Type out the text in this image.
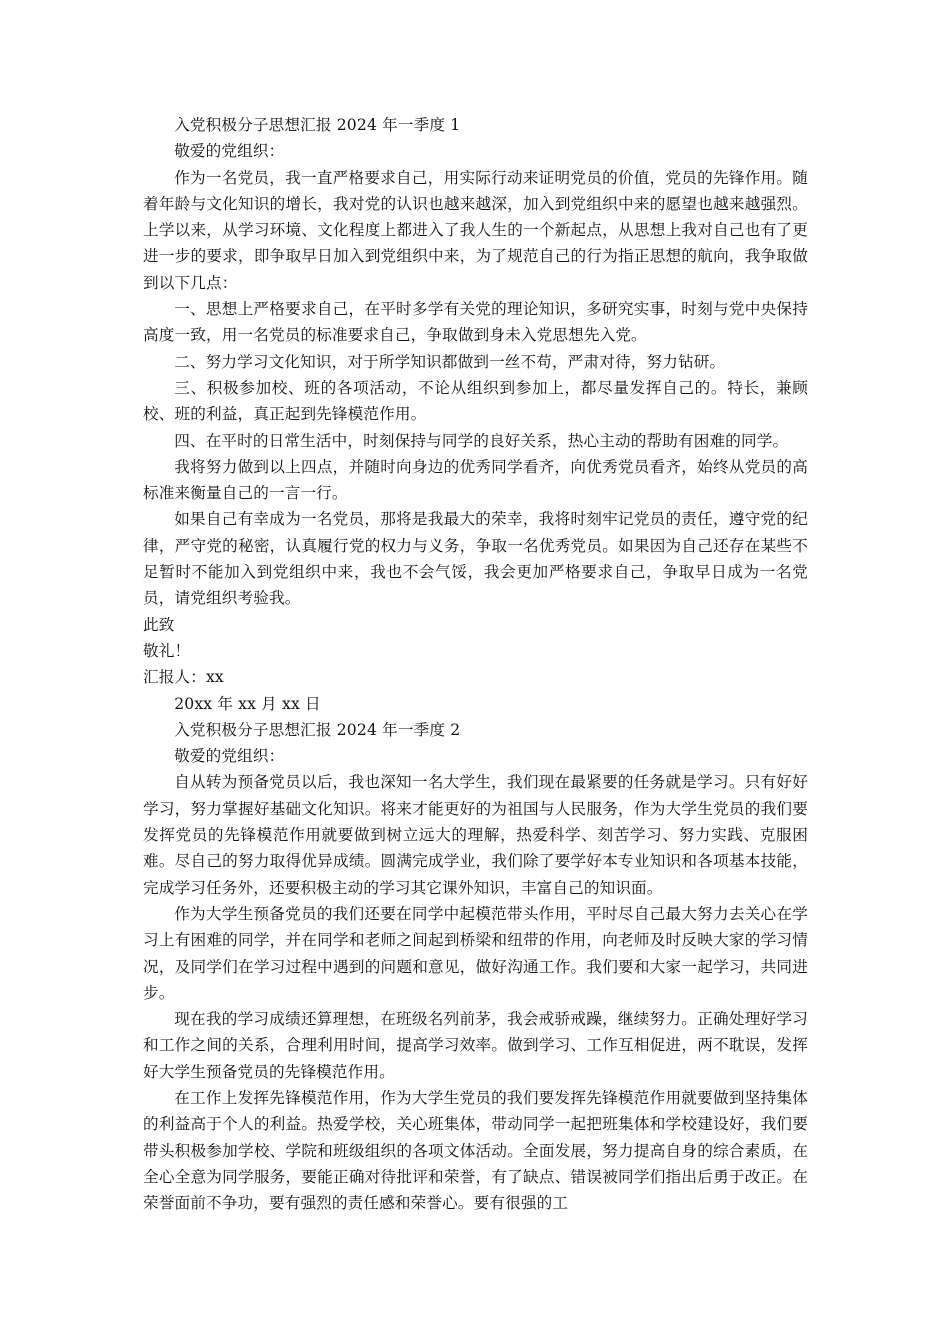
入党积极分子思想汇报 2024 年一季度 1

敬爱的党组织：

作为一名党员，我一直严格要求自己，用实际行动来证明党员的价值，党员的先锋作用。随着年龄与文化知识的增长，我对党的认识也越来越深，加入到党组织中来的愿望也越来越强烈。上学以来，从学习环境、文化程度上都进入了我人生的一个新起点，从思想上我对自己也有了更进一步的要求，即争取早日加入到党组织中来，为了规范自己的行为指正思想的航向，我争取做到以下几点：

一、思想上严格要求自己，在平时多学有关党的理论知识，多研究实事，时刻与党中央保持高度一致，用一名党员的标准要求自己，争取做到身未入党思想先入党。

二、努力学习文化知识，对于所学知识都做到一丝不苟，严肃对待，努力钻研。

三、积极参加校、班的各项活动，不论从组织到参加上，都尽量发挥自己的。特长，兼顾校、班的利益，真正起到先锋模范作用。

四、在平时的日常生活中，时刻保持与同学的良好关系，热心主动的帮助有困难的同学。

我将努力做到以上四点，并随时向身边的优秀同学看齐，向优秀党员看齐，始终从党员的高标准来衡量自己的一言一行。

如果自己有幸成为一名党员，那将是我最大的荣幸，我将时刻牢记党员的责任，遵守党的纪律，严守党的秘密，认真履行党的权力与义务，争取一名优秀党员。如果因为自己还存在某些不足暂时不能加入到党组织中来，我也不会气馁，我会更加严格要求自己，争取早日成为一名党员，请党组织考验我。

此致

敬礼！

汇报人：xx

20xx 年 xx 月 xx 日

入党积极分子思想汇报 2024 年一季度 2

敬爱的党组织：

自从转为预备党员以后，我也深知一名大学生，我们现在最紧要的任务就是学习。只有好好学习，努力掌握好基础文化知识。将来才能更好的为祖国与人民服务，作为大学生党员的我们要发挥党员的先锋模范作用就要做到树立远大的理解，热爱科学、刻苦学习、努力实践、克服困难。尽自己的努力取得优异成绩。圆满完成学业，我们除了要学好本专业知识和各项基本技能，完成学习任务外，还要积极主动的学习其它课外知识，丰富自己的知识面。

作为大学生预备党员的我们还要在同学中起模范带头作用，平时尽自己最大努力去关心在学习上有困难的同学，并在同学和老师之间起到桥梁和纽带的作用，向老师及时反映大家的学习情况，及同学们在学习过程中遇到的问题和意见，做好沟通工作。我们要和大家一起学习，共同进步。

现在我的学习成绩还算理想，在班级名列前茅，我会戒骄戒躁，继续努力。正确处理好学习和工作之间的关系，合理利用时间，提高学习效率。做到学习、工作互相促进，两不耽误，发挥好大学生预备党员的先锋模范作用。

在工作上发挥先锋模范作用，作为大学生党员的我们要发挥先锋模范作用就要做到坚持集体的利益高于个人的利益。热爱学校，关心班集体，带动同学一起把班集体和学校建设好，我们要带头积极参加学校、学院和班级组织的各项文体活动。全面发展，努力提高自身的综合素质，在全心全意为同学服务，要能正确对待批评和荣誉，有了缺点、错误被同学们指出后勇于改正。在荣誉面前不争功，要有强烈的责任感和荣誉心。要有很强的工
